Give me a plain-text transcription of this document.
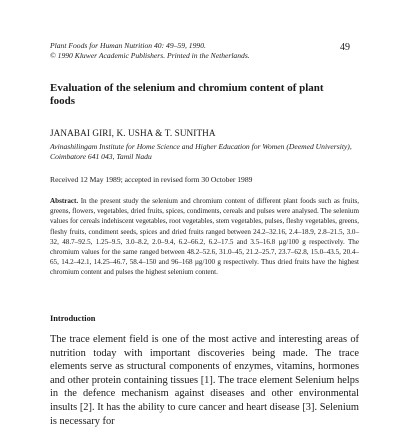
Plant Foods for Human Nutrition 40: 49–59, 1990.
© 1990 Kluwer Academic Publishers. Printed in the Netherlands.
49
Evaluation of the selenium and chromium content of plant foods
JANABAI GIRI, K. USHA & T. SUNITHA
Avinashilingam Institute for Home Science and Higher Education for Women (Deemed University), Coimbatore 641 043, Tamil Nadu
Received 12 May 1989; accepted in revised form 30 October 1989
Abstract. In the present study the selenium and chromium content of different plant foods such as fruits, greens, flowers, vegetables, dried fruits, spices, condiments, cereals and pulses were analysed. The selenium values for cereals indehiscent vegetables, root vegetables, stem vegetables, pulses, fleshy vegetables, greens, fleshy fruits, condiment seeds, spices and dried fruits ranged between 24.2–32.16, 2.4–18.9, 2.8–21.5, 3.0–32, 48.7–92.5, 1.25–9.5, 3.0–8.2, 2.0–9.4, 6.2–66.2, 6.2–17.5 and 3.5–16.8 µg/100 g respectively. The chromium values for the same ranged between 48.2–52.6, 31.0–45, 21.2–25.7, 23.7–62.8, 15.0–43.5, 20.4–65, 14.2–42.1, 14.25–46.7, 58.4–150 and 96–168 µg/100 g respectively. Thus dried fruits have the highest chromium content and pulses the highest selenium content.
Introduction
The trace element field is one of the most active and interesting areas of nutrition today with important discoveries being made. The trace elements serve as structural components of enzymes, vitamins, hormones and other protein containing tissues [1]. The trace element Selenium helps in the defence mechanism against diseases and other environmental insults [2]. It has the ability to cure cancer and heart disease [3]. Selenium is necessary for
